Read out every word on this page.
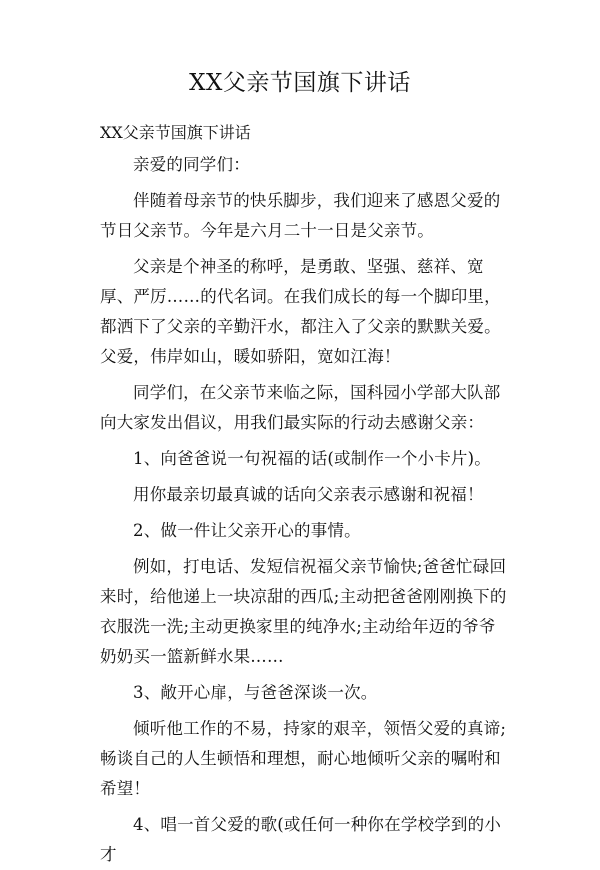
XX父亲节国旗下讲话
XX父亲节国旗下讲话

亲爱的同学们：

伴随着母亲节的快乐脚步，我们迎来了感恩父爱的节日父亲节。今年是六月二十一日是父亲节。

父亲是个神圣的称呼，是勇敢、坚强、慈祥、宽厚、严厉……的代名词。在我们成长的每一个脚印里，都洒下了父亲的辛勤汗水，都注入了父亲的默默关爱。父爱，伟岸如山，暖如骄阳，宽如江海！

同学们，在父亲节来临之际，国科园小学部大队部向大家发出倡议，用我们最实际的行动去感谢父亲：

1、向爸爸说一句祝福的话(或制作一个小卡片)。

用你最亲切最真诚的话向父亲表示感谢和祝福！

2、做一件让父亲开心的事情。

例如，打电话、发短信祝福父亲节愉快;爸爸忙碌回来时，给他递上一块凉甜的西瓜;主动把爸爸刚刚换下的衣服洗一洗;主动更换家里的纯净水;主动给年迈的爷爷奶奶买一篮新鲜水果……

3、敞开心扉，与爸爸深谈一次。

倾听他工作的不易，持家的艰辛，领悟父爱的真谛;畅谈自己的人生顿悟和理想，耐心地倾听父亲的嘱咐和希望！

4、唱一首父爱的歌(或任何一种你在学校学到的小才
